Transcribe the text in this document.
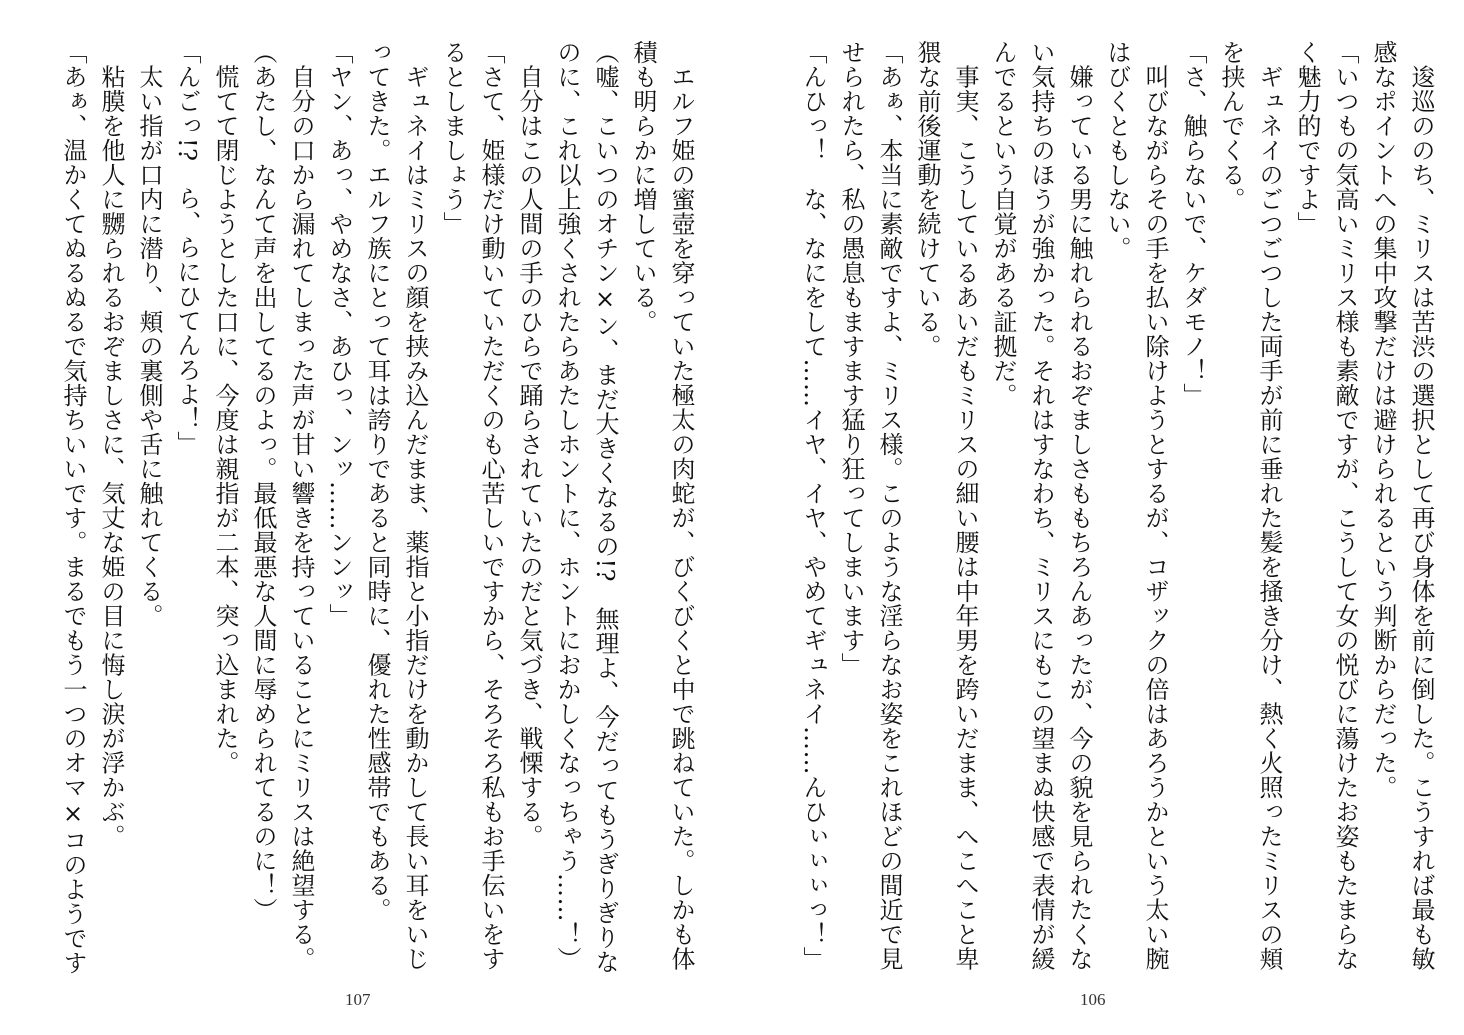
　逡巡ののち、ミリスは苦渋の選択として再び身体を前に倒した。こうすれば最も敏
感なポイントへの集中攻撃だけは避けられるという判断からだった。
「いつもの気高いミリス様も素敵ですが、こうして女の悦びに蕩けたお姿もたまらな
く魅力的ですよ」
　ギュネイのごつごつした両手が前に垂れた髪を掻き分け、熱く火照ったミリスの頬
を挟んでくる。
「さ、触らないで、ケダモノ！」
　叫びながらその手を払い除けようとするが、コザックの倍はあろうかという太い腕
はびくともしない。
　嫌っている男に触れられるおぞましさももちろんあったが、今の貌を見られたくな
い気持ちのほうが強かった。それはすなわち、ミリスにもこの望まぬ快感で表情が緩
んでるという自覚がある証拠だ。
　事実、こうしているあいだもミリスの細い腰は中年男を跨いだまま、へこへこと卑
猥な前後運動を続けている。
「あぁ、本当に素敵ですよ、ミリス様。このような淫らなお姿をこれほどの間近で見
せられたら、私の愚息もますます猛り狂ってしまいます」
「んひっ！　な、なにをして……イヤ、イヤ、やめてギュネイ……んひぃぃぃっ！」
　エルフ姫の蜜壺を穿っていた極太の肉蛇が、びくびくと中で跳ねていた。しかも体
積も明らかに増している。
（嘘、こいつのオチン×ン、まだ大きくなるの!?　無理よ、今だってもうぎりぎりな
のに、これ以上強くされたらあたしホントに、ホントにおかしくなっちゃう……！）
　自分はこの人間の手のひらで踊らされていたのだと気づき、戦慄する。
「さて、姫様だけ動いていただくのも心苦しいですから、そろそろ私もお手伝いをす
るとしましょう」
　ギュネイはミリスの顔を挟み込んだまま、薬指と小指だけを動かして長い耳をいじ
ってきた。エルフ族にとって耳は誇りであると同時に、優れた性感帯でもある。
「ヤン、あっ、やめなさ、あひっ、ンッ……ンンッ」
　自分の口から漏れてしまった声が甘い響きを持っていることにミリスは絶望する。
（あたし、なんて声を出してるのよっ。最低最悪な人間に辱められてるのに！）
　慌てて閉じようとした口に、今度は親指が二本、突っ込まれた。
「んごっ!?　ら、らにひてんろよ！」
　太い指が口内に潜り、頬の裏側や舌に触れてくる。
　粘膜を他人に嬲られるおぞましさに、気丈な姫の目に悔し涙が浮かぶ。
「あぁ、温かくてぬるぬるで気持ちいいです。まるでもう一つのオマ×コのようです
107	106
